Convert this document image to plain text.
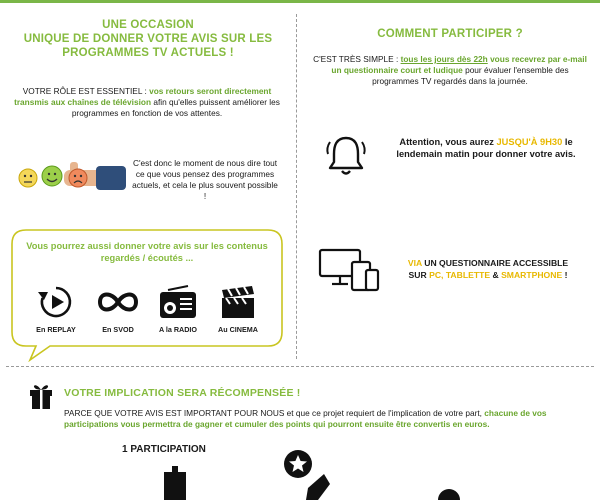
UNE OCCASION
UNIQUE DE DONNER VOTRE AVIS SUR LES
PROGRAMMES TV ACTUELS !
VOTRE RÔLE EST ESSENTIEL : vos retours seront directement transmis aux chaînes de télévision afin qu'elles puissent améliorer les programmes en fonction de vos attentes.
C'est donc le moment de nous dire tout ce que vous pensez des programmes actuels, et cela le plus souvent possible !
Vous pourrez aussi donner votre avis sur les contenus regardés / écoutés ...
En REPLAY	En SVOD	A la RADIO	Au CINEMA
COMMENT PARTICIPER ?
C'EST TRÈS SIMPLE : tous les jours dès 22h vous recevrez par e-mail un questionnaire court et ludique pour évaluer l'ensemble des programmes TV regardés dans la journée.
Attention, vous aurez JUSQU'À 9H30 le lendemain matin pour donner votre avis.
VIA UN QUESTIONNAIRE ACCESSIBLE SUR PC, TABLETTE & SMARTPHONE !
VOTRE IMPLICATION SERA RÉCOMPENSÉE !
PARCE QUE VOTRE AVIS EST IMPORTANT POUR NOUS et que ce projet requiert de l'implication de votre part, chacune de vos participations vous permettra de gagner et cumuler des points qui pourront ensuite être convertis en euros.
1 PARTICIPATION
